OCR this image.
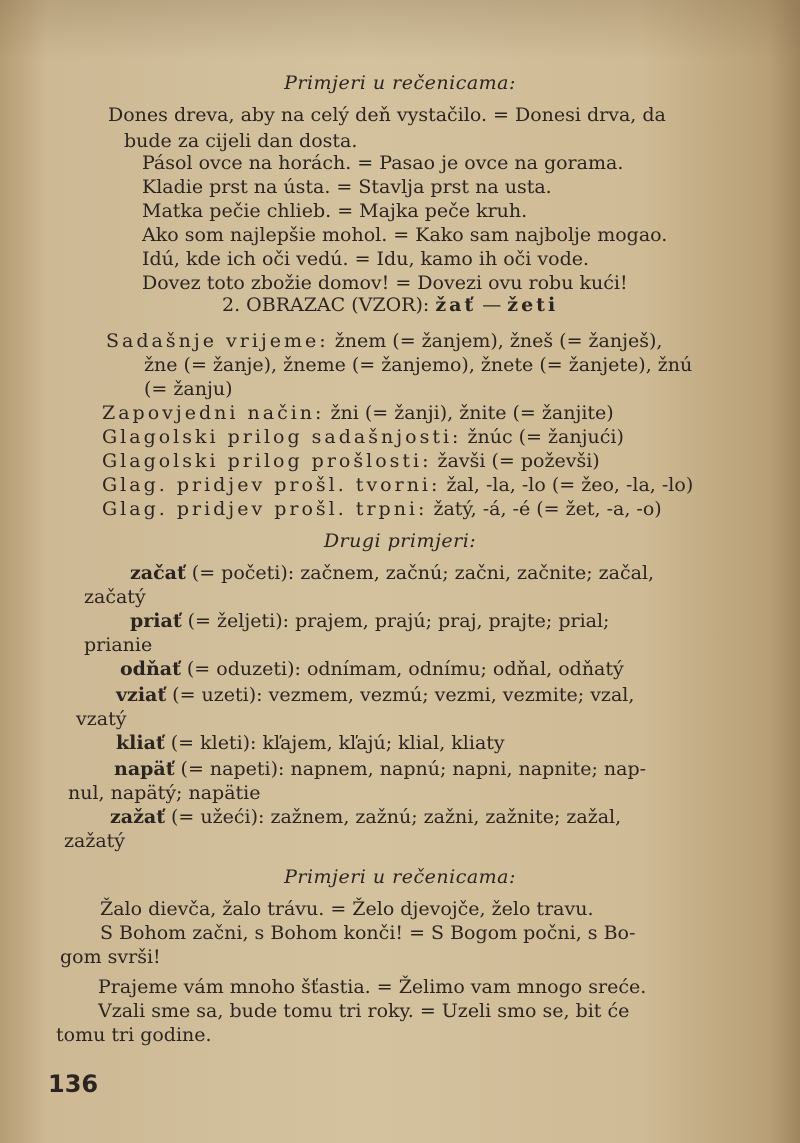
Primjeri u rečenicama:
Dones dreva, aby na celý deň vystačilo. = Donesi drva, da
bude za cijeli dan dosta.
Pásol ovce na horách. = Pasao je ovce na gorama.
Kladie prst na ústa. = Stavlja prst na usta.
Matka pečie chlieb. = Majka peče kruh.
Ako som najlepšie mohol. = Kako sam najbolje mogao.
Idú, kde ich oči vedú. = Idu, kamo ih oči vode.
Dovez toto zbožie domov! = Dovezi ovu robu kući!
2. OBRAZAC (VZOR): žať — žeti
Sadašnje vrijeme: žnem (= žanjem), žneš (= žanješ),
žne (= žanje), žneme (= žanjemo), žnete (= žanjete), žnú
(= žanju)
Zapovjedni način: žni (= žanji), žnite (= žanjite)
Glagolski prilog sadašnjosti: žnúc (= žanjući)
Glagolski prilog prošlosti: žavši (= poževši)
Glag. pridjev prošl. tvorni: žal, -la, -lo (= žeo, -la, -lo)
Glag. pridjev prošl. trpni: žatý, -á, -é (= žet, -a, -o)
Drugi primjeri:
začať (= početi): začnem, začnú; začni, začnite; začal,
začatý
priať (= željeti): prajem, prajú; praj, prajte; prial;
prianie
odňať (= oduzeti): odnímam, odnímu; odňal, odňatý
vziať (= uzeti): vezmem, vezmú; vezmi, vezmite; vzal,
vzatý
kliať (= kleti): kľajem, kľajú; klial, kliaty
napäť (= napeti): napnem, napnú; napni, napnite; nap-
nul, napätý; napätie
zažať (= užeći): zažnem, zažnú; zažni, zažnite; zažal,
zažatý
Primjeri u rečenicama:
Žalo dievča, žalo trávu. = Želo djevojče, želo travu.
S Bohom začni, s Bohom konči! = S Bogom počni, s Bo-
gom svrši!
Prajeme vám mnoho šťastia. = Želimo vam mnogo sreće.
Vzali sme sa, bude tomu tri roky. = Uzeli smo se, bit će
tomu tri godine.
136
